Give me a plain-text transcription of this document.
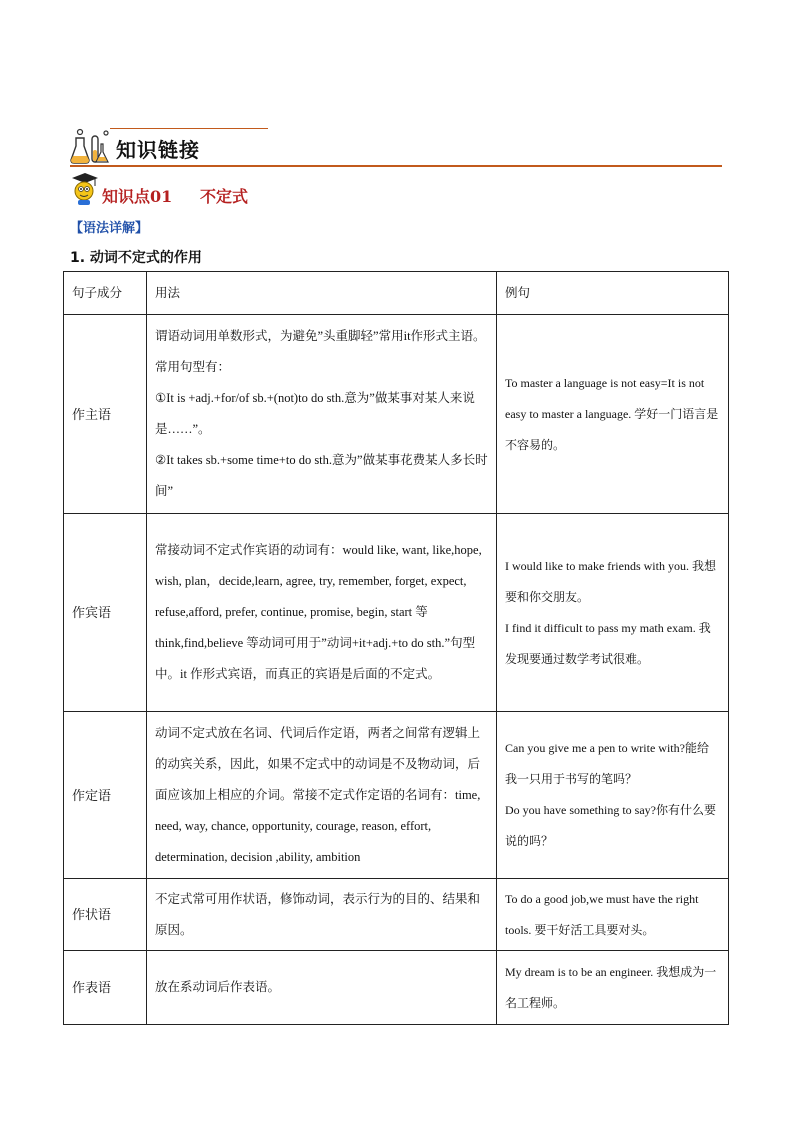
知识链接
知识点01 不定式
【语法详解】
1. 动词不定式的作用
句子成分	用法	例句
作主语	谓语动词用单数形式，为避免”头重脚轻”常用it作形式主语。常用句型有：
①It is +adj.+for/of sb.+(not)to do sth.意为”做某事对某人来说是……”。
②It takes sb.+some time+to do sth.意为”做某事花费某人多长时间”	To master a language is not easy=It is not easy to master a language. 学好一门语言是不容易的。
作宾语	常接动词不定式作宾语的动词有：would like, want, like,hope, wish, plan，decide,learn, agree, try, remember, forget, expect, refuse,afford, prefer, continue, promise, begin, start 等 think,find,believe 等动词可用于”动词+it+adj.+to do sth.”句型中。it 作形式宾语，而真正的宾语是后面的不定式。	I would like to make friends with you. 我想要和你交朋友。
I find it difficult to pass my math exam. 我发现要通过数学考试很难。
作定语	动词不定式放在名词、代词后作定语，两者之间常有逻辑上的动宾关系，因此，如果不定式中的动词是不及物动词，后面应该加上相应的介词。常接不定式作定语的名词有：time, need, way, chance, opportunity, courage, reason, effort, determination, decision ,ability, ambition	Can you give me a pen to write with?能给我一只用于书写的笔吗？
Do you have something to say?你有什么要说的吗？
作状语	不定式常可用作状语，修饰动词，表示行为的目的、结果和原因。	To do a good job,we must have the right tools. 要干好活工具要对头。
作表语	放在系动词后作表语。	My dream is to be an engineer. 我想成为一名工程师。
